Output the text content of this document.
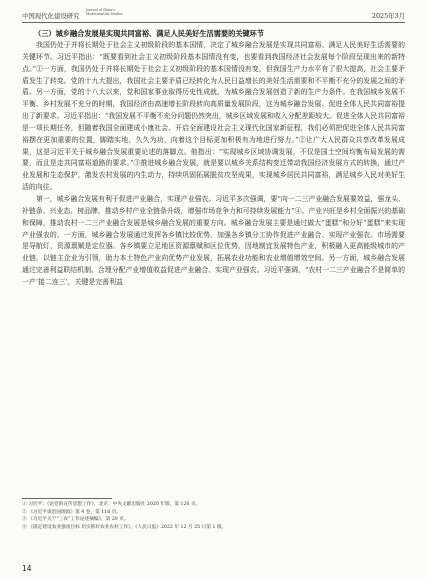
中国现代化建设研究
Journal of China's Modernization Studies	2025年3月

（三）城乡融合发展是实现共同富裕、满足人民美好生活需要的关键环节

我国仍处于并将长期处于社会主义初级阶段的基本国情，决定了城乡融合发展是实现共同富裕、满足人民美好生活需要的关键环节。习近平指出：“既要看到社会主义初级阶段基本国情没有变，也要看到我国经济社会发展每个阶段呈现出来的新特点。”①一方面，我国仍处于并将长期处于社会主义初级阶段的基本国情没有变，但我国生产力水平有了很大提高，社会主要矛盾发生了转变。党的十九大提出，我国社会主要矛盾已经转化为人民日益增长的美好生活需要和不平衡不充分的发展之间的矛盾。另一方面，党的十八大以来，党和国家事业取得历史性成就，为城乡融合发展创造了新的生产力条件。在我国城乡发展不平衡、乡村发展不充分的时期，我国经济由高速增长阶段转向高质量发展阶段，这为城乡融合发展、促进全体人民共同富裕提出了新要求。习近平指出：“我国发展不平衡不充分问题仍然突出，城乡区域发展和收入分配差距较大。促进全体人民共同富裕是一项长期任务，但随着我国全面建成小康社会、开启全面建设社会主义现代化国家新征程，我们必须把促进全体人民共同富裕摆在更加重要的位置，脚踏实地、久久为功，向着这个目标更加积极有为地进行努力。”②让广大人民群众共享改革发展成果，这是习近平关于城乡融合发展重要论述的落脚点。他指出：“实现城乡区域协调发展，不仅是国土空间均衡布局发展的需要，而且是走共同富裕道路的要求。”③推进城乡融合发展，就是要以城乡关系结构变迁带动我国经济发展方式的转换，通过产业发展和生态保护，激发农村发展的内生动力，持续巩固拓展脱贫攻坚成果，实现城乡居民共同富裕，满足城乡人民对美好生活的向往。

第一，城乡融合发展有利于促进产业融合，实现产业强农。习近平多次强调，要“向一二三产业融合发展要效益，强龙头、补链条、兴业态、树品牌，推动乡村产业全链条升级，增强市场竞争力和可持续发展能力”④。产业兴旺是乡村全面振兴的基础和保障，推动农村一二三产业融合发展是城乡融合发展的重要方向。城乡融合发展主要是通过做大“蛋糕”和分好“蛋糕”来实现产业强农的。一方面，城乡融合发展通过发挥各乡镇比较优势、加强各乡镇分工协作促进产业融合、实现产业强农。市场需要是导航灯，资源禀赋是定位器。各乡镇要立足地区资源禀赋和区位优势，因地制宜发展特色产业，积极融入更高能级城市的产业链，以链主企业为引领，助力本土特色产业向优势产业发展，拓展农业功能和农业增值增效空间。另一方面，城乡融合发展通过完善利益联结机制、合理分配产业增值收益促进产业融合、实现产业强农。习近平强调，“农村一二三产业融合不是简单的一产‘接二连三’，关键是完善利益

① 习近平：《论党的宣传思想工作》，北京：中央文献出版社 2020 年版，第 126 页。
② 《习近平谈治国理政》第 4 卷，第 116 页。
③ 《习近平关于“三农”工作论述摘编》，第 29 页。
④ 《锚定建设农业强国目标 切实抓好农业农村工作》，《人民日报》2022 年 12 月 25 日第 1 版。
14
